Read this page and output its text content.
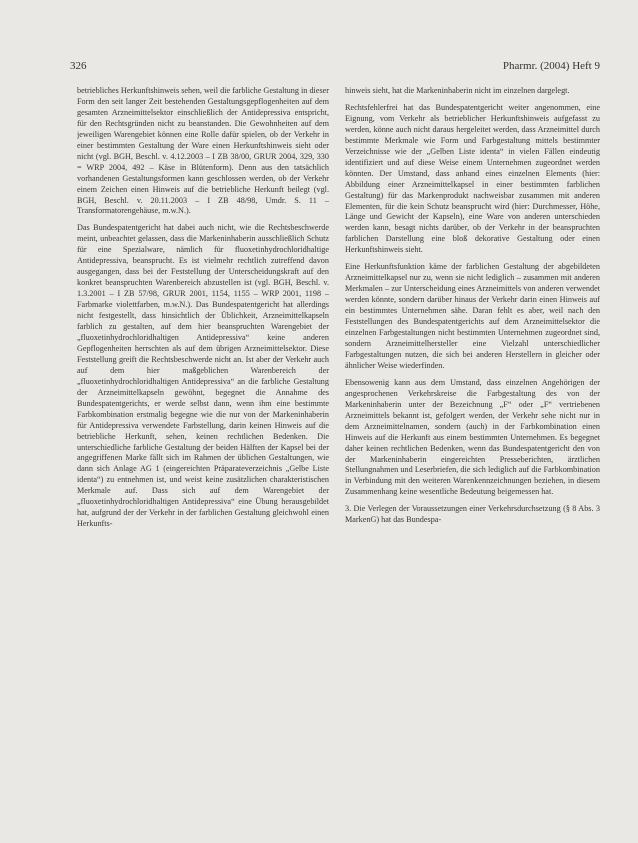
326	Pharmr. (2004) Heft 9

betriebliches Herkunftshinweis sehen, weil die farbliche Gestaltung in dieser Form den seit langer Zeit bestehenden Gestaltungsgepflogenheiten auf dem gesamten Arzneimittelsektor einschließlich der Antidepressiva entspricht, für den Rechtsgründen nicht zu beanstanden. Die Gewohnheiten auf dem jeweiligen Warengebiet können eine Rolle dafür spielen, ob der Verkehr in einer bestimmten Gestaltung der Ware einen Herkunftshinweis sieht oder nicht (vgl. BGH, Beschl. v. 4.12.2003 – I ZB 38/00, GRUR 2004, 329, 330 = WRP 2004, 492 – Käse in Blütenform). Denn aus den tatsächlich vorhandenen Gestaltungsformen kann geschlossen werden, ob der Verkehr einem Zeichen einen Hinweis auf die betriebliche Herkunft beilegt (vgl. BGH, Beschl. v. 20.11.2003 – I ZB 48/98, Umdr. S. 11 – Transformatorengehäuse, m.w.N.).

Das Bundespatentgericht hat dabei auch nicht, wie die Rechtsbeschwerde meint, unbeachtet gelassen, dass die Markeninhaberin ausschließlich Schutz für eine Spezialware, nämlich für fluoxetinhydrochloridhaltige Antidepressiva, beansprucht. Es ist vielmehr rechtlich zutreffend davon ausgegangen, dass bei der Feststellung der Unterscheidungskraft auf den konkret beanspruchten Warenbereich abzustellen ist (vgl. BGH, Beschl. v. 1.3.2001 – I ZB 57/98, GRUR 2001, 1154, 1155 – WRP 2001, 1198 – Farbmarke violettfarben, m.w.N.). Das Bundespatentgericht hat allerdings nicht festgestellt, dass hinsichtlich der Üblichkeit, Arzneimittelkapseln farblich zu gestalten, auf dem hier beanspruchten Warengebiet der „fluoxetinhydrochloridhaltigen Antidepressiva“ keine anderen Gepflogenheiten herrschten als auf dem übrigen Arzneimittelsektor. Diese Feststellung greift die Rechtsbeschwerde nicht an. Ist aber der Verkehr auch auf dem hier maßgeblichen Warenbereich der „fluoxetinhydrochloridhaltigen Antidepressiva“ an die farbliche Gestaltung der Arzneimittelkapseln gewöhnt, begegnet die Annahme des Bundespatentgerichts, er werde selbst dann, wenn ihm eine bestimmte Farbkombination erstmalig begegne wie die nur von der Markeninhaberin für Antidepressiva verwendete Farbstellung, darin keinen Hinweis auf die betriebliche Herkunft, sehen, keinen rechtlichen Bedenken. Die unterschiedliche farbliche Gestaltung der beiden Hälften der Kapsel bei der angegriffenen Marke fällt sich im Rahmen der üblichen Gestaltungen, wie dann sich Anlage AG 1 (eingereichten Präparateverzeichnis „Gelbe Liste identa“) zu entnehmen ist, und weist keine zusätzlichen charakteristischen Merkmale auf. Dass sich auf dem Warengebiet der „fluoxetinhydrochloridhaltigen Antidepressiva“ eine Übung herausgebildet hat, aufgrund der der Verkehr in der farblichen Gestaltung gleichwohl einen Herkunfts-

hinweis sieht, hat die Markeninhaberin nicht im einzelnen dargelegt.

Rechtsfehlerfrei hat das Bundespatentgericht weiter angenommen, eine Eignung, vom Verkehr als betrieblicher Herkunftshinweis aufgefasst zu werden, könne auch nicht daraus hergeleitet werden, dass Arzneimittel durch bestimmte Merkmale wie Form und Farbgestaltung mittels bestimmter Verzeichnisse wie der „Gelben Liste identa“ in vielen Fällen eindeutig identifiziert und auf diese Weise einem Unternehmen zugeordnet werden könnten. Der Umstand, dass anhand eines einzelnen Elements (hier: Abbildung einer Arzneimittelkapsel in einer bestimmten farblichen Gestaltung) für das Markenprodukt nachweisbar zusammen mit anderen Elementen, für die kein Schutz beansprucht wird (hier: Durchmesser, Höhe, Länge und Gewicht der Kapseln), eine Ware von anderen unterschieden werden kann, besagt nichts darüber, ob der Verkehr in der beanspruchten farblichen Darstellung eine bloß dekorative Gestaltung oder einen Herkunftshinweis sieht.

Eine Herkunftsfunktion käme der farblichen Gestaltung der abgebildeten Arzneimittelkapsel nur zu, wenn sie nicht lediglich – zusammen mit anderen Merkmalen – zur Unterscheidung eines Arzneimittels von anderen verwendet werden könnte, sondern darüber hinaus der Verkehr darin einen Hinweis auf ein bestimmtes Unternehmen sähe. Daran fehlt es aber, weil nach den Feststellungen des Bundespatentgerichts auf dem Arzneimittelsektor die einzelnen Farbgestaltungen nicht bestimmten Unternehmen zugeordnet sind, sondern Arzneimittelhersteller eine Vielzahl unterschiedlicher Farbgestaltungen nutzen, die sich bei anderen Herstellern in gleicher oder ähnlicher Weise wiederfinden.

Ebensowenig kann aus dem Umstand, dass einzelnen Angehörigen der angesprochenen Verkehrskreise die Farbgestaltung des von der Markeninhaberin unter der Bezeichnung „F“ oder „F“ vertriebenen Arzneimittels bekannt ist, gefolgert werden, der Verkehr sehe nicht nur in dem Arzneimittelnamen, sondern (auch) in der Farbkombination einen Hinweis auf die Herkunft aus einem bestimmten Unternehmen. Es begegnet daher keinen rechtlichen Bedenken, wenn das Bundespatentgericht den von der Markeninhaberin eingereichten Presseberichten, ärztlichen Stellungnahmen und Leserbriefen, die sich lediglich auf die Farbkombination in Verbindung mit den weiteren Warenkennzeichnungen beziehen, in diesem Zusammenhang keine wesentliche Bedeutung beigemessen hat.

3. Die Verlegen der Voraussetzungen einer Verkehrsdurchsetzung (§ 8 Abs. 3 MarkenG) hat das Bundespa-
